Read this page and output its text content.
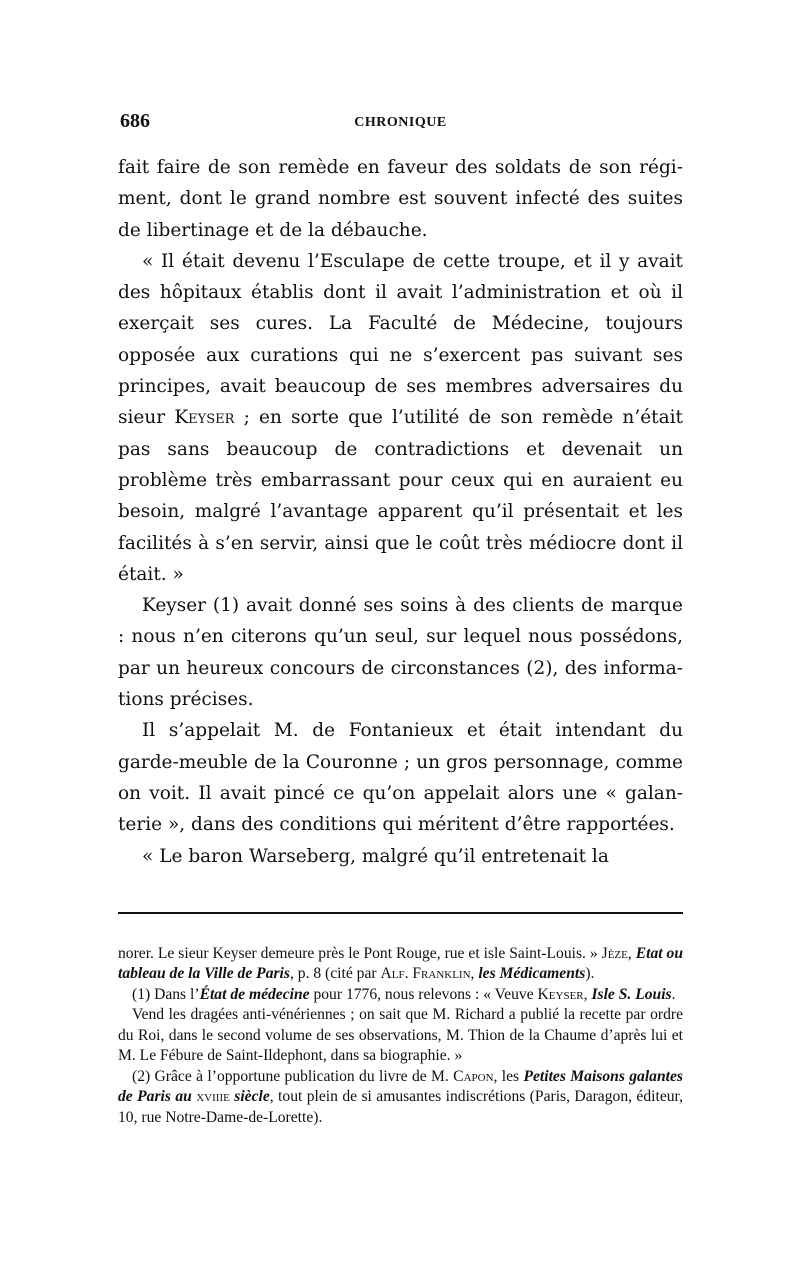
686	CHRONIQUE

fait faire de son remède en faveur des soldats de son régiment, dont le grand nombre est souvent infecté des suites de libertinage et de la débauche.

« Il était devenu l’Esculape de cette troupe, et il y avait des hôpitaux établis dont il avait l’administration et où il exerçait ses cures. La Faculté de Médecine, toujours opposée aux curations qui ne s’exercent pas suivant ses principes, avait beaucoup de ses membres adversaires du sieur Keyser ; en sorte que l’utilité de son remède n’était pas sans beaucoup de contradictions et devenait un problème très embarrassant pour ceux qui en auraient eu besoin, malgré l’avantage apparent qu’il présentait et les facilités à s’en servir, ainsi que le coût très médiocre dont il était. »

Keyser (1) avait donné ses soins à des clients de marque : nous n’en citerons qu’un seul, sur lequel nous possédons, par un heureux concours de circonstances (2), des informations précises.

Il s’appelait M. de Fontanieux et était intendant du garde-meuble de la Couronne ; un gros personnage, comme on voit. Il avait pincé ce qu’on appelait alors une « galanterie », dans des conditions qui méritent d’être rapportées.

« Le baron Warseberg, malgré qu’il entretenait la

norer. Le sieur Keyser demeure près le Pont Rouge, rue et isle Saint-Louis. » Jèze, Etat ou tableau de la Ville de Paris, p. 8 (cité par Alf. Franklin, les Médicaments).

(1) Dans l’État de médecine pour 1776, nous relevons : « Veuve Keyser, Isle S. Louis.

Vend les dragées anti-vénériennes ; on sait que M. Richard a publié la recette par ordre du Roi, dans le second volume de ses observations, M. Thion de la Chaume d’après lui et M. Le Fébure de Saint-Ildephont, dans sa biographie. »

(2) Grâce à l’opportune publication du livre de M. Capon, les Petites Maisons galantes de Paris au xviiie siècle, tout plein de si amusantes indiscrétions (Paris, Daragon, éditeur, 10, rue Notre-Dame-de-Lorette).
